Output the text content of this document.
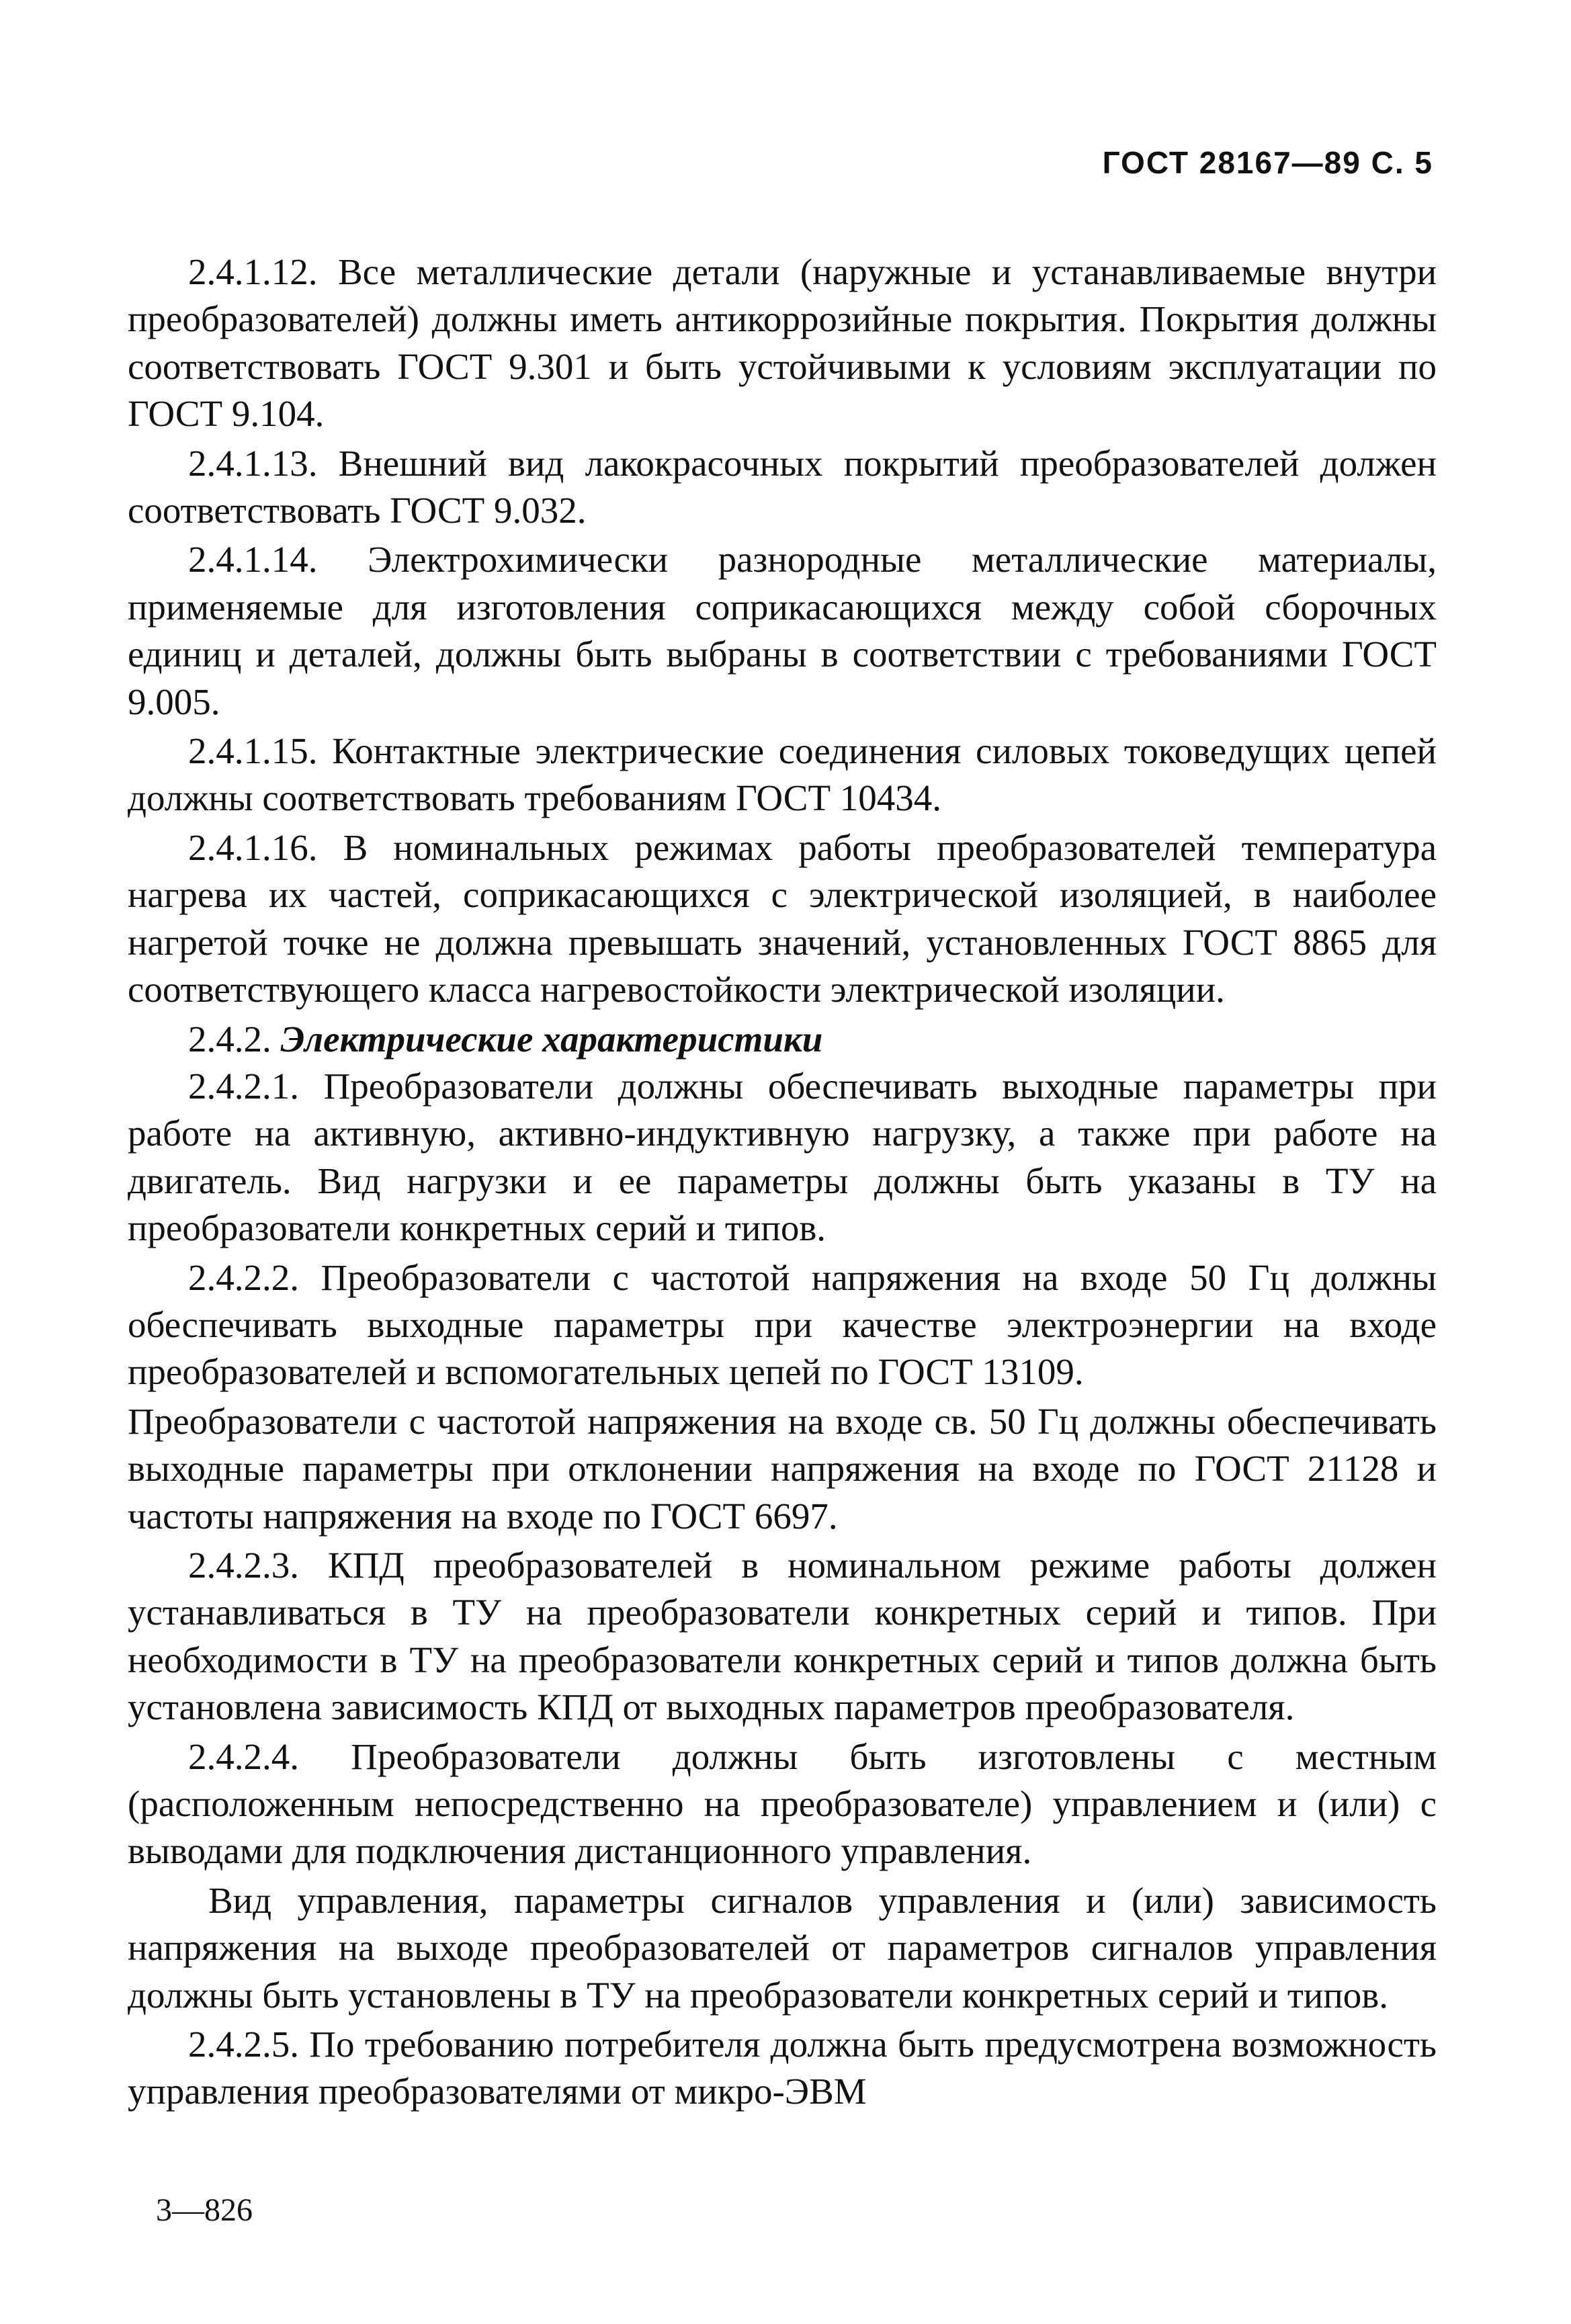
ГОСТ 28167—89 С. 5

2.4.1.12. Все металлические детали (наружные и устанавливаемые внутри преобразователей) должны иметь антикоррозийные покрытия. Покрытия должны соответствовать ГОСТ 9.301 и быть устойчивыми к условиям эксплуатации по ГОСТ 9.104.

2.4.1.13. Внешний вид лакокрасочных покрытий преобразователей должен соответствовать ГОСТ 9.032.

2.4.1.14. Электрохимически разнородные металлические материалы, применяемые для изготовления соприкасающихся между собой сборочных единиц и деталей, должны быть выбраны в соответствии с требованиями ГОСТ 9.005.

2.4.1.15. Контактные электрические соединения силовых токоведущих цепей должны соответствовать требованиям ГОСТ 10434.

2.4.1.16. В номинальных режимах работы преобразователей температура нагрева их частей, соприкасающихся с электрической изоляцией, в наиболее нагретой точке не должна превышать значений, установленных ГОСТ 8865 для соответствующего класса нагревостойкости электрической изоляции.

2.4.2. Электрические характеристики

2.4.2.1. Преобразователи должны обеспечивать выходные параметры при работе на активную, активно-индуктивную нагрузку, а также при работе на двигатель. Вид нагрузки и ее параметры должны быть указаны в ТУ на преобразователи конкретных серий и типов.

2.4.2.2. Преобразователи с частотой напряжения на входе 50 Гц должны обеспечивать выходные параметры при качестве электроэнергии на входе преобразователей и вспомогательных цепей по ГОСТ 13109.

Преобразователи с частотой напряжения на входе св. 50 Гц должны обеспечивать выходные параметры при отклонении напряжения на входе по ГОСТ 21128 и частоты напряжения на входе по ГОСТ 6697.

2.4.2.3. КПД преобразователей в номинальном режиме работы должен устанавливаться в ТУ на преобразователи конкретных серий и типов. При необходимости в ТУ на преобразователи конкретных серий и типов должна быть установлена зависимость КПД от выходных параметров преобразователя.

2.4.2.4. Преобразователи должны быть изготовлены с местным (расположенным непосредственно на преобразователе) управлением и (или) с выводами для подключения дистанционного управления.

Вид управления, параметры сигналов управления и (или) зависимость напряжения на выходе преобразователей от параметров сигналов управления должны быть установлены в ТУ на преобразователи конкретных серий и типов.

2.4.2.5. По требованию потребителя должна быть предусмотрена возможность управления преобразователями от микро-ЭВМ

3—826
